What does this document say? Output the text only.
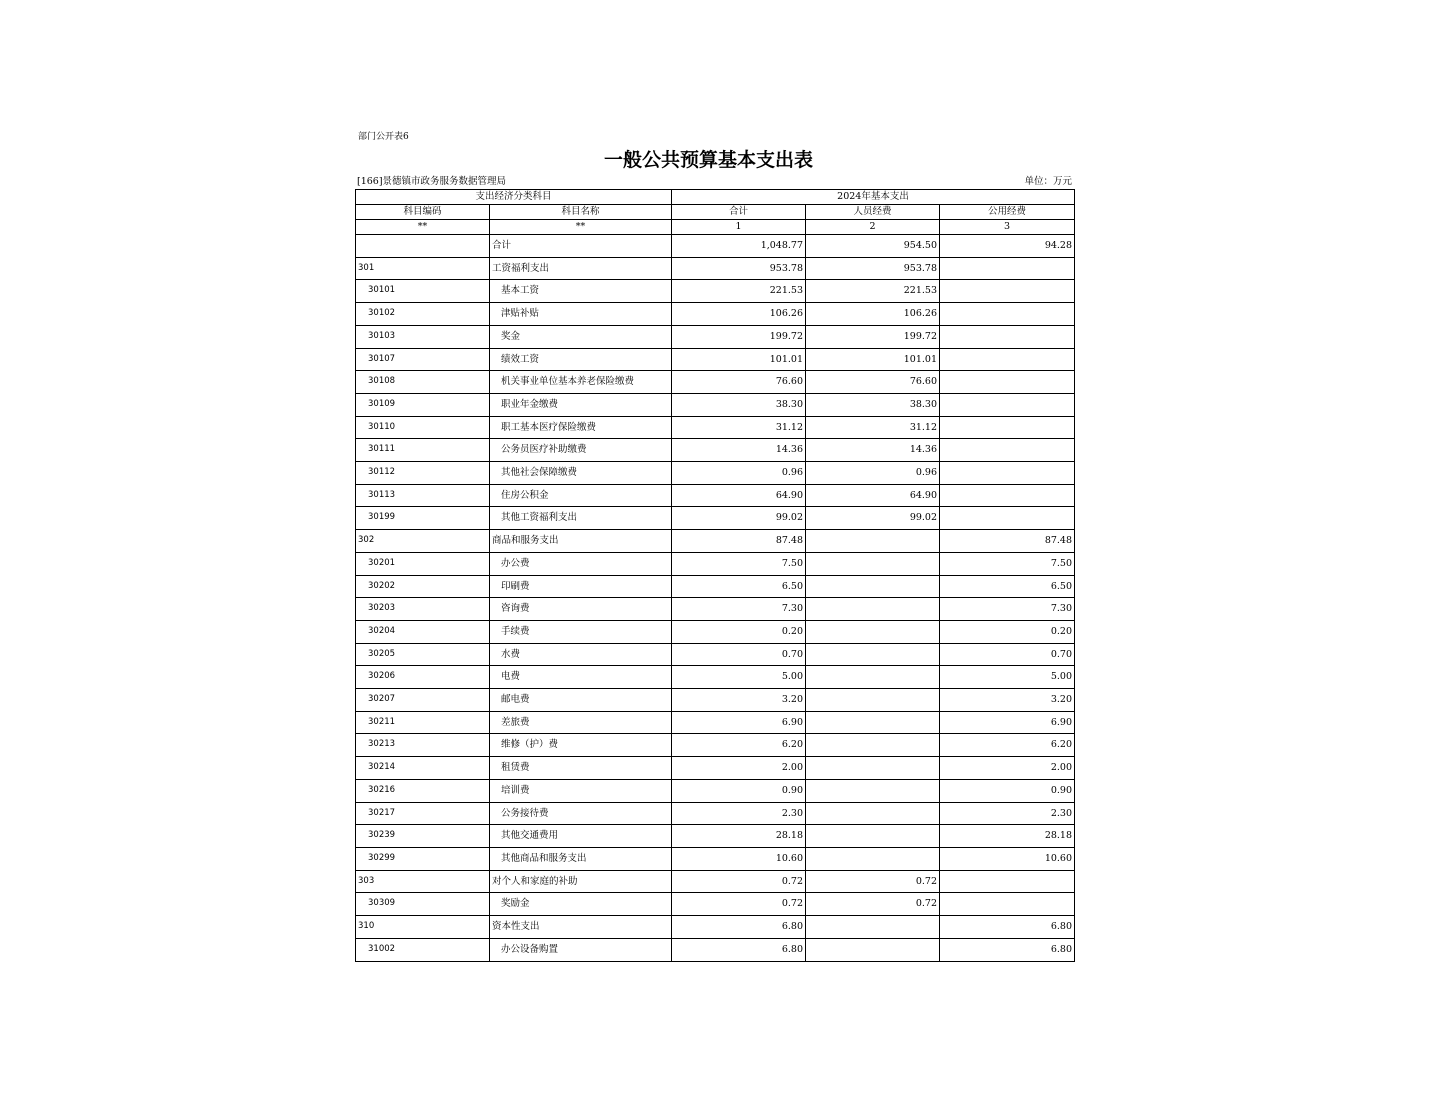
部门公开表6
一般公共预算基本支出表
[166]景德镇市政务服务数据管理局	单位：万元
支出经济分类科目		2024年基本支出		
科目编码	科目名称	合计	人员经费	公用经费
**	**	1	2	3
	合计	1,048.77	954.50	94.28
301	工资福利支出	953.78	953.78	
30101	基本工资	221.53	221.53	
30102	津贴补贴	106.26	106.26	
30103	奖金	199.72	199.72	
30107	绩效工资	101.01	101.01	
30108	机关事业单位基本养老保险缴费	76.60	76.60	
30109	职业年金缴费	38.30	38.30	
30110	职工基本医疗保险缴费	31.12	31.12	
30111	公务员医疗补助缴费	14.36	14.36	
30112	其他社会保障缴费	0.96	0.96	
30113	住房公积金	64.90	64.90	
30199	其他工资福利支出	99.02	99.02	
302	商品和服务支出	87.48		87.48
30201	办公费	7.50		7.50
30202	印刷费	6.50		6.50
30203	咨询费	7.30		7.30
30204	手续费	0.20		0.20
30205	水费	0.70		0.70
30206	电费	5.00		5.00
30207	邮电费	3.20		3.20
30211	差旅费	6.90		6.90
30213	维修（护）费	6.20		6.20
30214	租赁费	2.00		2.00
30216	培训费	0.90		0.90
30217	公务接待费	2.30		2.30
30239	其他交通费用	28.18		28.18
30299	其他商品和服务支出	10.60		10.60
303	对个人和家庭的补助	0.72	0.72	
30309	奖励金	0.72	0.72	
310	资本性支出	6.80		6.80
31002	办公设备购置	6.80		6.80
